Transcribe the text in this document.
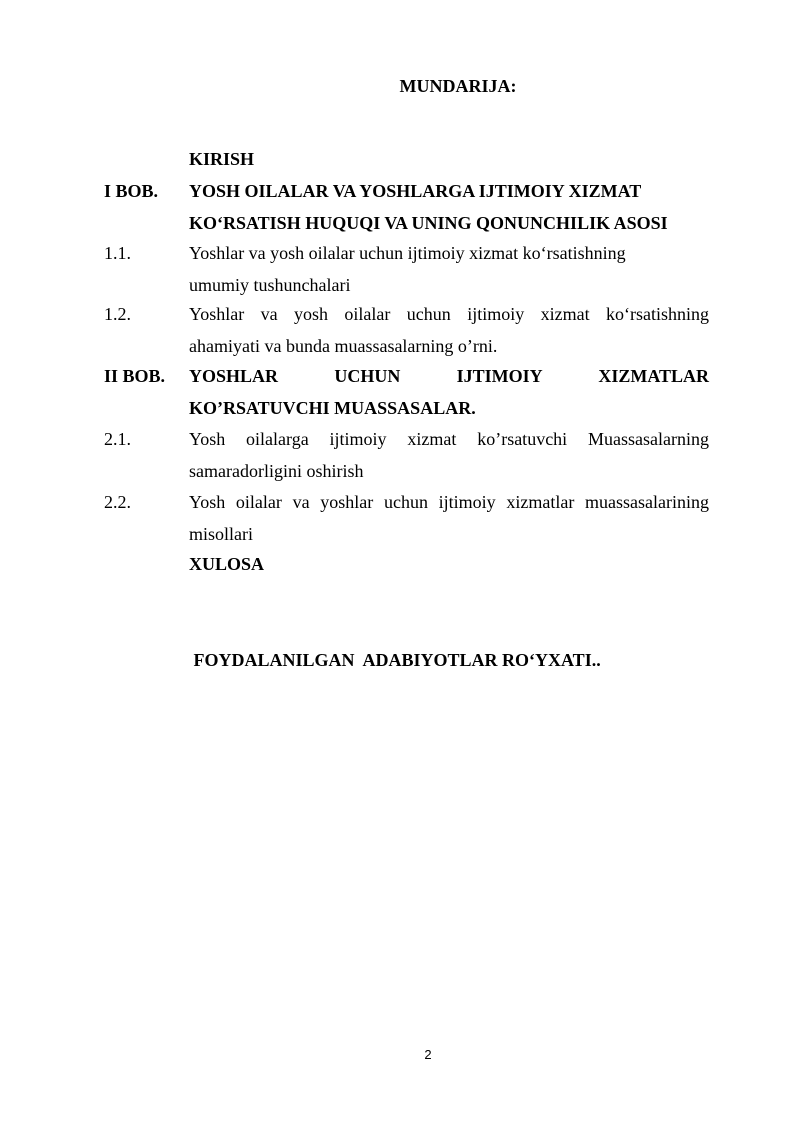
MUNDARIJA:
KIRISH
I BOB. YOSH OILALAR VA YOSHLARGA IJTIMOIY XIZMAT
KO‘RSATISH HUQUQI VA UNING QONUNCHILIK ASOSI
1.1.	Yoshlar va yosh oilalar uchun ijtimoiy xizmat ko‘rsatishning
umumiy tushunchalari
1.2.	Yoshlar va yosh oilalar uchun ijtimoiy xizmat ko‘rsatishning
ahamiyati va bunda muassasalarning o’rni.
II BOB. YOSHLAR UCHUN IJTIMOIY XIZMATLAR
KO’RSATUVCHI MUASSASALAR.
2.1.	Yosh oilalarga ijtimoiy xizmat ko’rsatuvchi Muassasalarning
samaradorligini oshirish
2.2.	Yosh oilalar va yoshlar uchun ijtimoiy xizmatlar muassasalarining
misollari
XULOSA

FOYDALANILGAN  ADABIYOTLAR RO‘YXATI..

2
